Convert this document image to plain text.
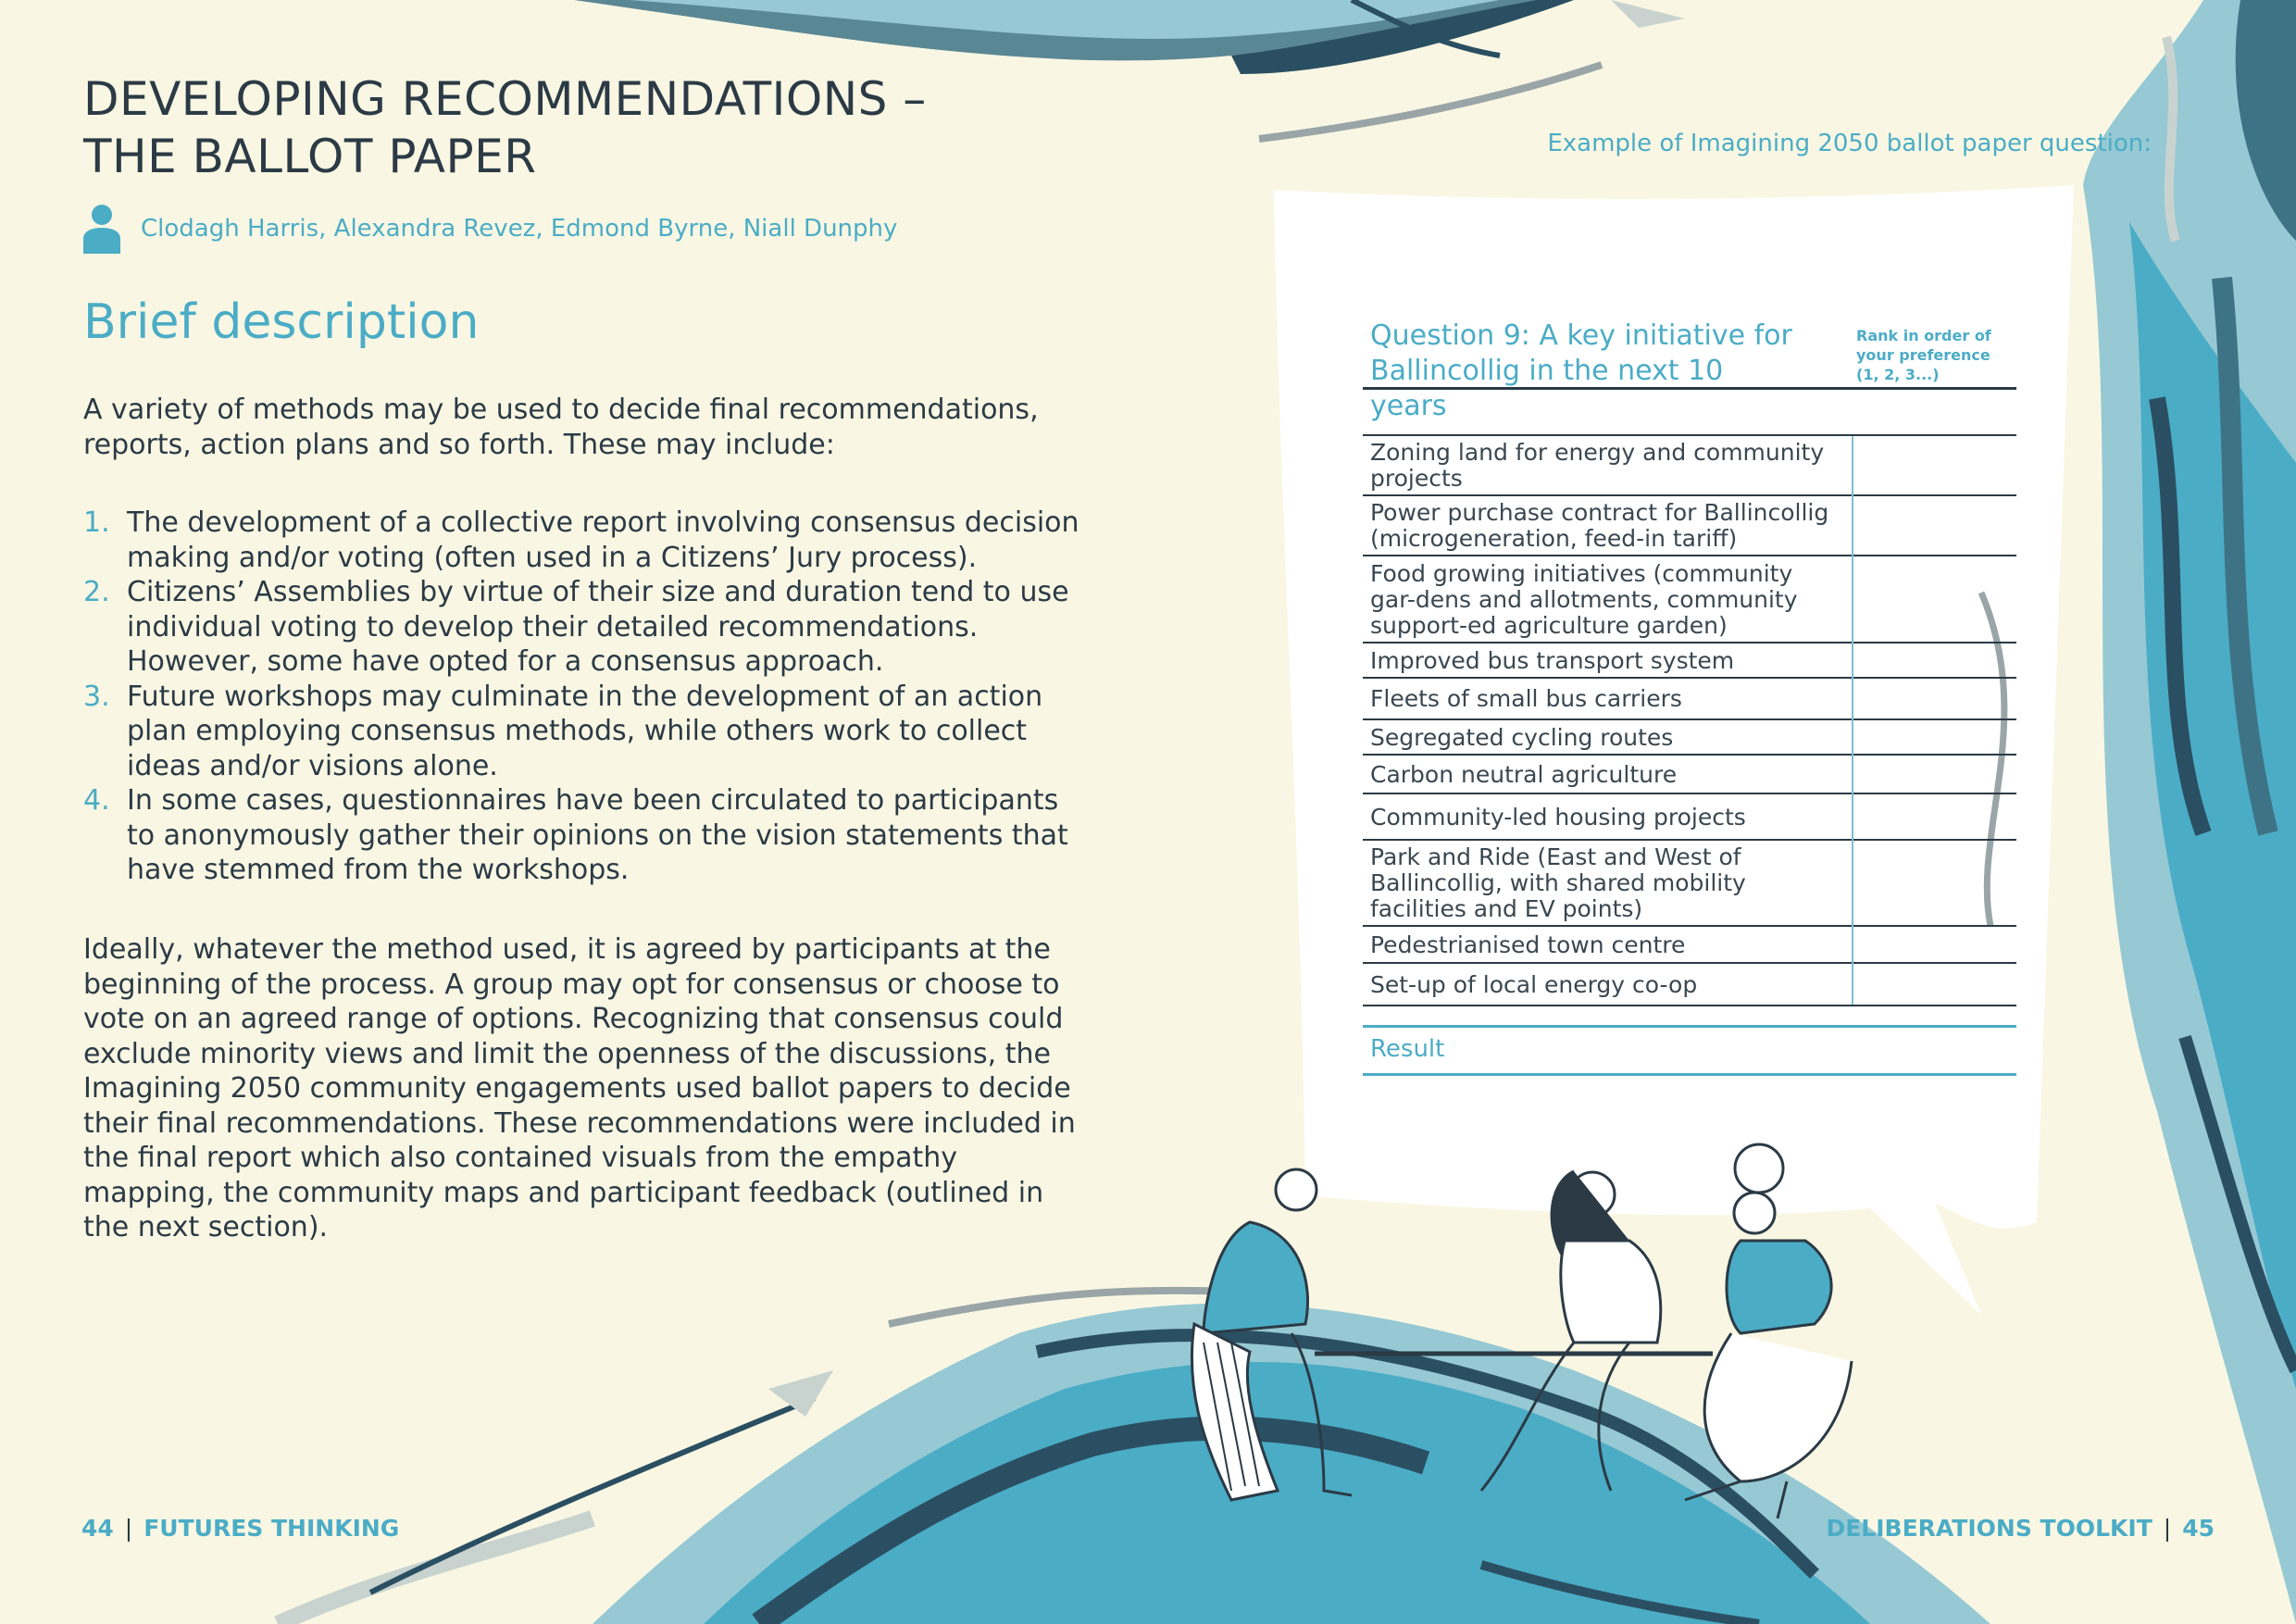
DEVELOPING RECOMMENDATIONS –
THE BALLOT PAPER
Clodagh Harris, Alexandra Revez, Edmond Byrne, Niall Dunphy
Brief description

A variety of methods may be used to decide final recommendations, reports, action plans and so forth. These may include:

1. The development of a collective report involving consensus decision making and/or voting (often used in a Citizens’ Jury process).
2. Citizens’ Assemblies by virtue of their size and duration tend to use individual voting to develop their detailed recommendations. However, some have opted for a consensus approach.
3. Future workshops may culminate in the development of an action plan employing consensus methods, while others work to collect ideas and/or visions alone.
4. In some cases, questionnaires have been circulated to participants to anonymously gather their opinions on the vision statements that have stemmed from the workshops.

Ideally, whatever the method used, it is agreed by participants at the beginning of the process. A group may opt for consensus or choose to vote on an agreed range of options. Recognizing that consensus could exclude minority views and limit the openness of the discussions, the Imagining 2050 community engagements used ballot papers to decide their final recommendations. These recommendations were included in the final report which also contained visuals from the empathy mapping, the community maps and participant feedback (outlined in the next section).

Example of Imagining 2050 ballot paper question:
Question 9: A key initiative for Ballincollig in the next 10 years
Rank in order of your preference (1, 2, 3...)
Zoning land for energy and community projects	
Power purchase contract for Ballincollig (microgeneration, feed-in tariff)	
Food growing initiatives (community gar-dens and allotments, community support-ed agriculture garden)	
Improved bus transport system	
Fleets of small bus carriers	
Segregated cycling routes	
Carbon neutral agriculture	
Community-led housing projects	
Park and Ride (East and West of Ballincollig, with shared mobility facilities and EV points)	
Pedestrianised town centre	
Set-up of local energy co-op	
Result
44 | FUTURES THINKING	DELIBERATIONS TOOLKIT | 45
